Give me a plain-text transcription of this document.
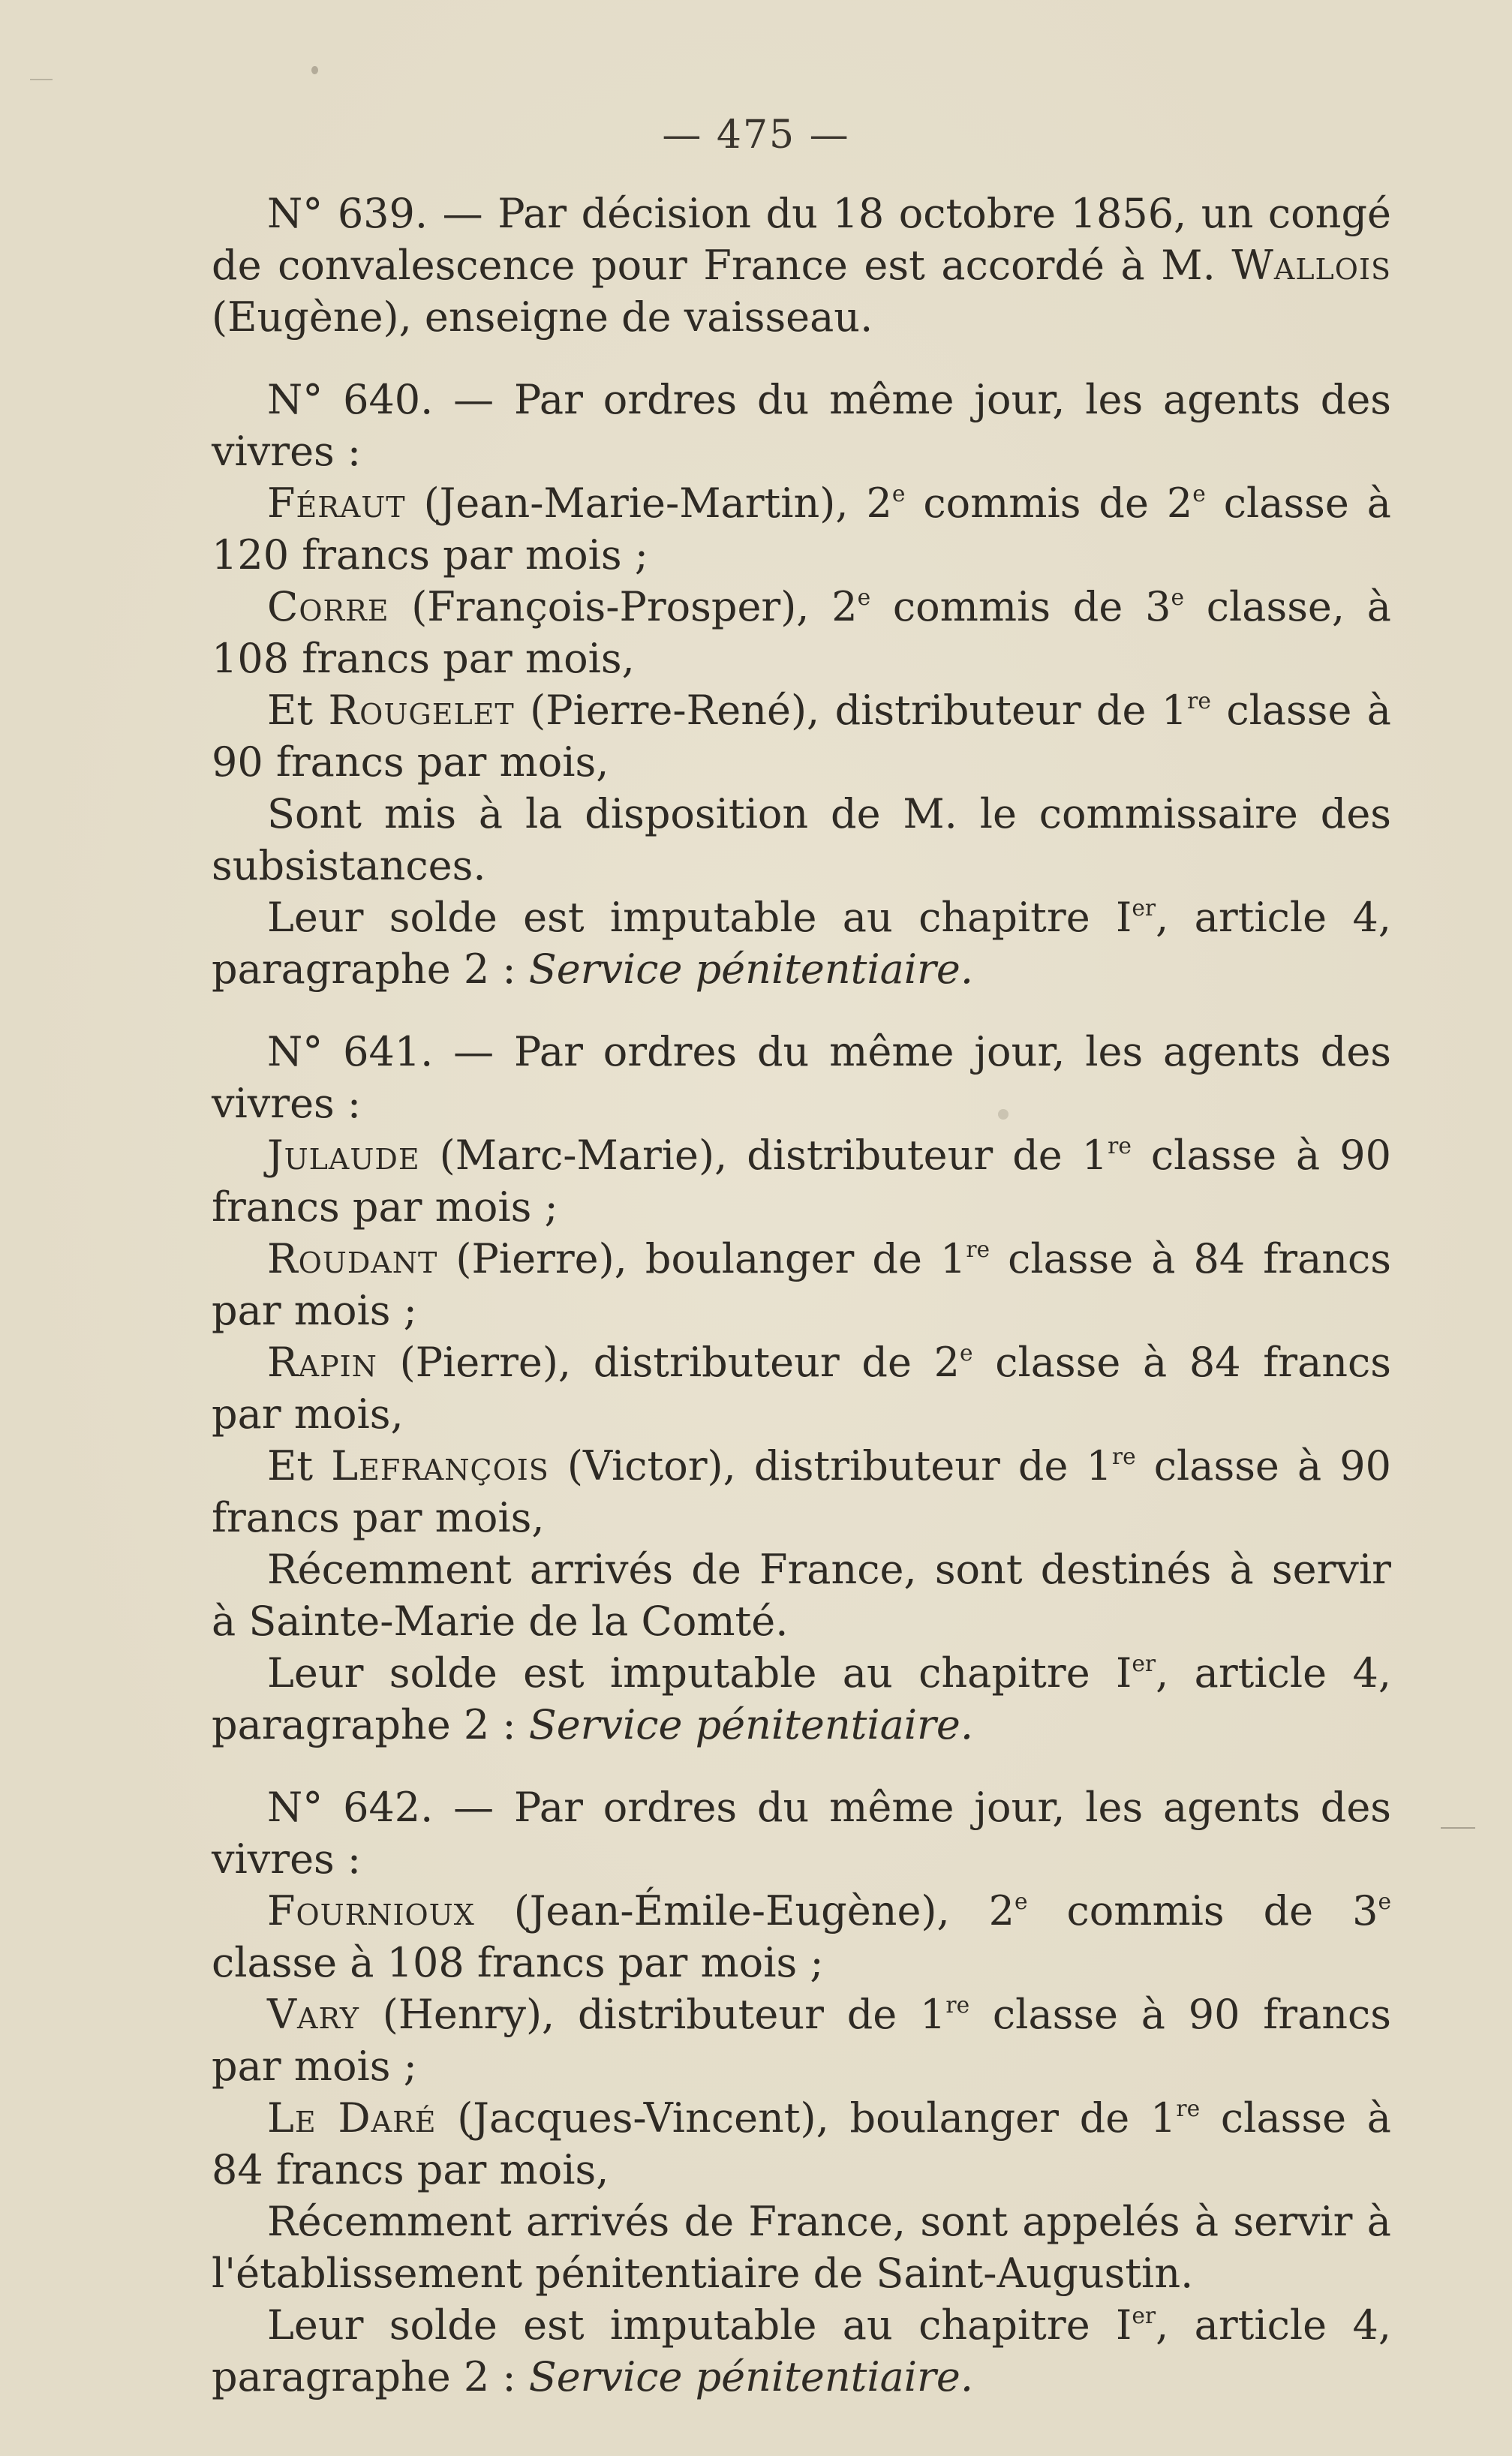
— 475 —

N° 639. — Par décision du 18 octobre 1856, un congé de convalescence pour France est accordé à M. Wallois (Eugène), enseigne de vaisseau.

N° 640. — Par ordres du même jour, les agents des vivres :

Féraut (Jean-Marie-Martin), 2e commis de 2e classe à 120 francs par mois ;

Corre (François-Prosper), 2e commis de 3e classe, à 108 francs par mois,

Et Rougelet (Pierre-René), distributeur de 1re classe à 90 francs par mois,

Sont mis à la disposition de M. le commissaire des subsistances.

Leur solde est imputable au chapitre Ier, article 4, paragraphe 2 : Service pénitentiaire.

N° 641. — Par ordres du même jour, les agents des vivres :

Julaude (Marc-Marie), distributeur de 1re classe à 90 francs par mois ;

Roudant (Pierre), boulanger de 1re classe à 84 francs par mois ;

Rapin (Pierre), distributeur de 2e classe à 84 francs par mois,

Et Lefrançois (Victor), distributeur de 1re classe à 90 francs par mois,

Récemment arrivés de France, sont destinés à servir à Sainte-Marie de la Comté.

Leur solde est imputable au chapitre Ier, article 4, paragraphe 2 : Service pénitentiaire.

N° 642. — Par ordres du même jour, les agents des vivres :

Fournioux (Jean-Émile-Eugène), 2e commis de 3e classe à 108 francs par mois ;

Vary (Henry), distributeur de 1re classe à 90 francs par mois ;

Le Daré (Jacques-Vincent), boulanger de 1re classe à 84 francs par mois,

Récemment arrivés de France, sont appelés à servir à l'établissement pénitentiaire de Saint-Augustin.

Leur solde est imputable au chapitre Ier, article 4, paragraphe 2 : Service pénitentiaire.
